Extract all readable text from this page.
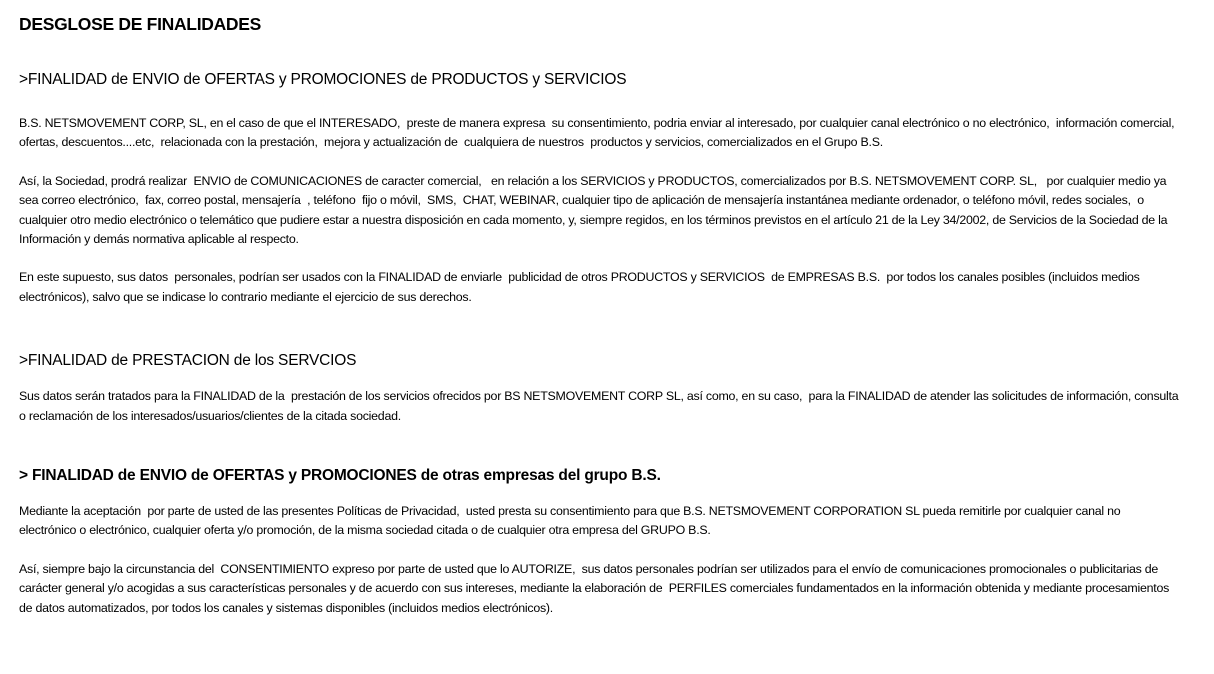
DESGLOSE DE FINALIDADES
>FINALIDAD de ENVIO de OFERTAS y PROMOCIONES de PRODUCTOS y SERVICIOS

B.S. NETSMOVEMENT CORP, SL, en el caso de que el INTERESADO,  preste de manera expresa  su consentimiento, podria enviar al interesado, por cualquier canal electrónico o no electrónico,  información comercial, ofertas, descuentos....etc,  relacionada con la prestación,  mejora y actualización de  cualquiera de nuestros  productos y servicios, comercializados en el Grupo B.S.

Así, la Sociedad, prodrá realizar  ENVIO de COMUNICACIONES de caracter comercial,   en relación a los SERVICIOS y PRODUCTOS, comercializados por B.S. NETSMOVEMENT CORP. SL,   por cualquier medio ya sea correo electrónico,  fax, correo postal, mensajería  , teléfono  fijo o móvil,  SMS,  CHAT, WEBINAR, cualquier tipo de aplicación de mensajería instantánea mediante ordenador, o teléfono móvil, redes sociales,  o cualquier otro medio electrónico o telemático que pudiere estar a nuestra disposición en cada momento, y, siempre regidos, en los términos previstos en el artículo 21 de la Ley 34/2002, de Servicios de la Sociedad de la Información y demás normativa aplicable al respecto.

En este supuesto, sus datos  personales, podrían ser usados con la FINALIDAD de enviarle  publicidad de otros PRODUCTOS y SERVICIOS  de EMPRESAS B.S.  por todos los canales posibles (incluidos medios electrónicos), salvo que se indicase lo contrario mediante el ejercicio de sus derechos.

>FINALIDAD de PRESTACION de los SERVCIOS

Sus datos serán tratados para la FINALIDAD de la  prestación de los servicios ofrecidos por BS NETSMOVEMENT CORP SL, así como, en su caso,  para la FINALIDAD de atender las solicitudes de información, consulta o reclamación de los interesados/usuarios/clientes de la citada sociedad.

> FINALIDAD de ENVIO de OFERTAS y PROMOCIONES de otras empresas del grupo B.S.

Mediante la aceptación  por parte de usted de las presentes Políticas de Privacidad,  usted presta su consentimiento para que B.S. NETSMOVEMENT CORPORATION SL pueda remitirle por cualquier canal no electrónico o electrónico, cualquier oferta y/o promoción, de la misma sociedad citada o de cualquier otra empresa del GRUPO B.S.

Así, siempre bajo la circunstancia del  CONSENTIMIENTO expreso por parte de usted que lo AUTORIZE,  sus datos personales podrían ser utilizados para el envío de comunicaciones promocionales o publicitarias de carácter general y/o acogidas a sus características personales y de acuerdo con sus intereses, mediante la elaboración de  PERFILES comerciales fundamentados en la información obtenida y mediante procesamientos de datos automatizados, por todos los canales y sistemas disponibles (incluidos medios electrónicos).
